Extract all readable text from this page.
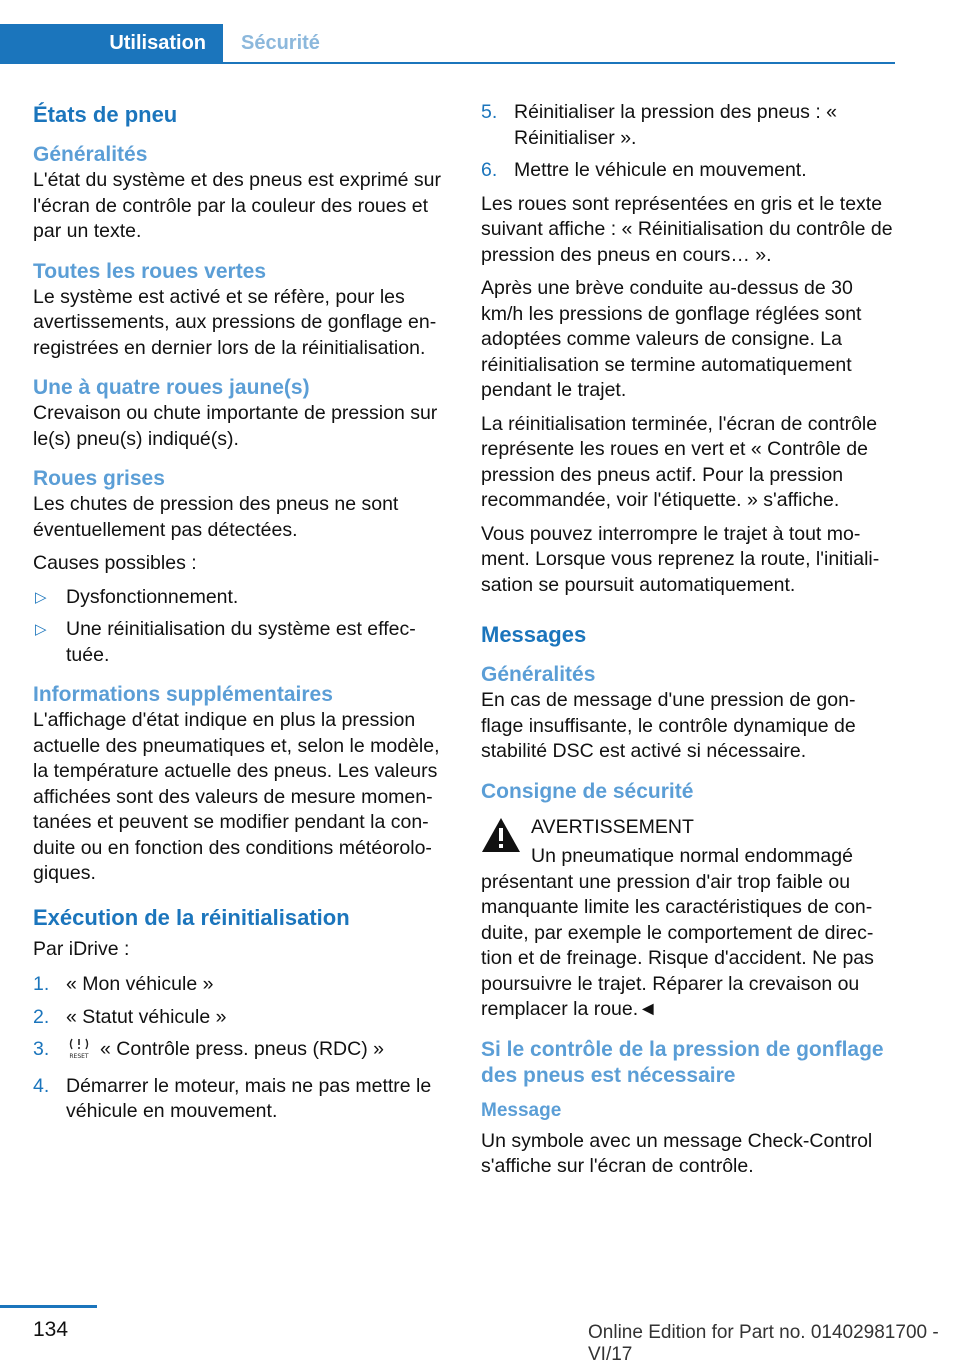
Utilisation	Sécurité
États de pneu
Généralités

L'état du système et des pneus est exprimé sur l'écran de contrôle par la couleur des roues et par un texte.

Toutes les roues vertes

Le système est activé et se réfère, pour les avertissements, aux pressions de gonflage en-registrées en dernier lors de la réinitialisation.

Une à quatre roues jaune(s)

Crevaison ou chute importante de pression sur le(s) pneu(s) indiqué(s).

Roues grises

Les chutes de pression des pneus ne sont éventuellement pas détectées.

Causes possibles :

▷ Dysfonctionnement.
▷ Une réinitialisation du système est effec-tuée.
Informations supplémentaires

L'affichage d'état indique en plus la pression actuelle des pneumatiques et, selon le modèle, la température actuelle des pneus. Les valeurs affichées sont des valeurs de mesure momen-tanées et peuvent se modifier pendant la con-duite ou en fonction des conditions météorolo-giques.

Exécution de la réinitialisation

Par iDrive :

1. « Mon véhicule »
2. « Statut véhicule »
3.	RESET « Contrôle press. pneus (RDC) »
4. Démarrer le moteur, mais ne pas mettre le véhicule en mouvement.
5. Réinitialiser la pression des pneus : « Réinitialiser ».
6. Mettre le véhicule en mouvement.

Les roues sont représentées en gris et le texte suivant affiche : « Réinitialisation du contrôle de pression des pneus en cours… ».

Après une brève conduite au-dessus de 30 km/h les pressions de gonflage réglées sont adoptées comme valeurs de consigne. La réinitialisation se termine automatiquement pendant le trajet.

La réinitialisation terminée, l'écran de contrôle représente les roues en vert et « Contrôle de pression des pneus actif. Pour la pression recommandée, voir l'étiquette. » s'affiche.

Vous pouvez interrompre le trajet à tout mo-ment. Lorsque vous reprenez la route, l'initiali-sation se poursuit automatiquement.

Messages
Généralités

En cas de message d'une pression de gon-flage insuffisante, le contrôle dynamique de stabilité DSC est activé si nécessaire.

Consigne de sécurité
AVERTISSEMENT

Un pneumatique normal endommagé présentant une pression d'air trop faible ou manquante limite les caractéristiques de con-duite, par exemple le comportement de direc-tion et de freinage. Risque d'accident. Ne pas poursuivre le trajet. Réparer la crevaison ou remplacer la roue.◄

Si le contrôle de la pression de gonflage des pneus est nécessaire
Message

Un symbole avec un message Check-Control s'affiche sur l'écran de contrôle.

134	Online Edition for Part no. 01402981700 - VI/17
